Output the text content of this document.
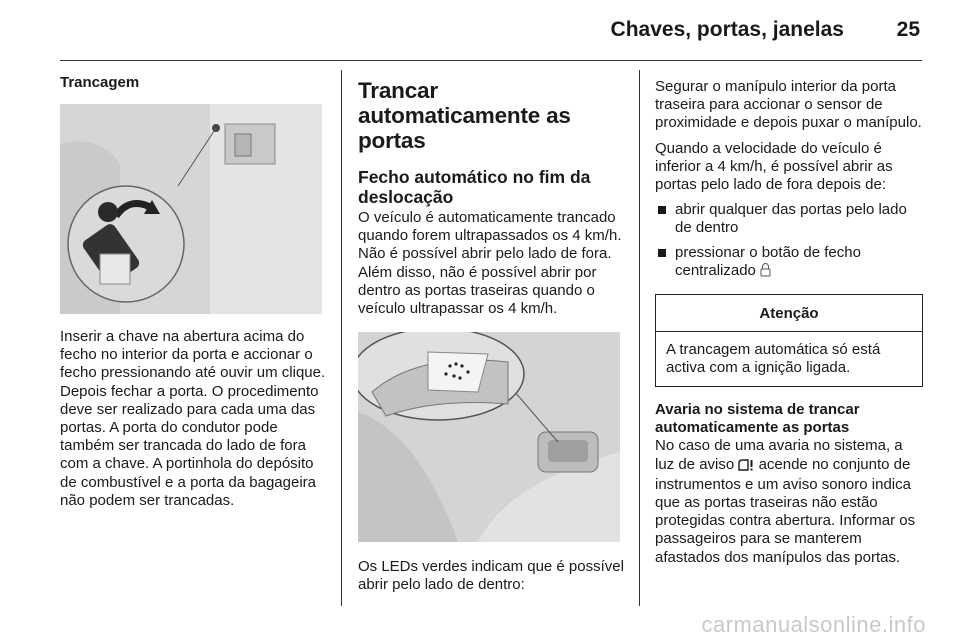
Chaves, portas, janelas	25
Trancagem

Inserir a chave na abertura acima do fecho no interior da porta e accionar o fecho pressionando até ouvir um clique. Depois fechar a porta. O procedimento deve ser realizado para cada uma das portas. A porta do condutor pode também ser trancada do lado de fora com a chave. A portinhola do depósito de combustível e a porta da bagageira não podem ser trancadas.

Trancar automaticamente as portas
Fecho automático no fim da deslocação

O veículo é automaticamente trancado quando forem ultrapassados os 4 km/h. Não é possível abrir pelo lado de fora. Além disso, não é possível abrir por dentro as portas traseiras quando o veículo ultrapassar os 4 km/h.

Os LEDs verdes indicam que é possível abrir pelo lado de dentro:

Segurar o manípulo interior da porta traseira para accionar o sensor de proximidade e depois puxar o manípulo.

Quando a velocidade do veículo é inferior a 4 km/h, é possível abrir as portas pelo lado de fora depois de:

abrir qualquer das portas pelo lado de dentro
pressionar o botão de fecho centralizado
Atenção
A trancagem automática só está activa com a ignição ligada.
Avaria no sistema de trancar automaticamente as portas

No caso de uma avaria no sistema, a luz de aviso acende no conjunto de instrumentos e um aviso sonoro indica que as portas traseiras não estão protegidas contra abertura. Informar os passageiros para se manterem afastados dos manípulos das portas.

carmanualsonline.info
